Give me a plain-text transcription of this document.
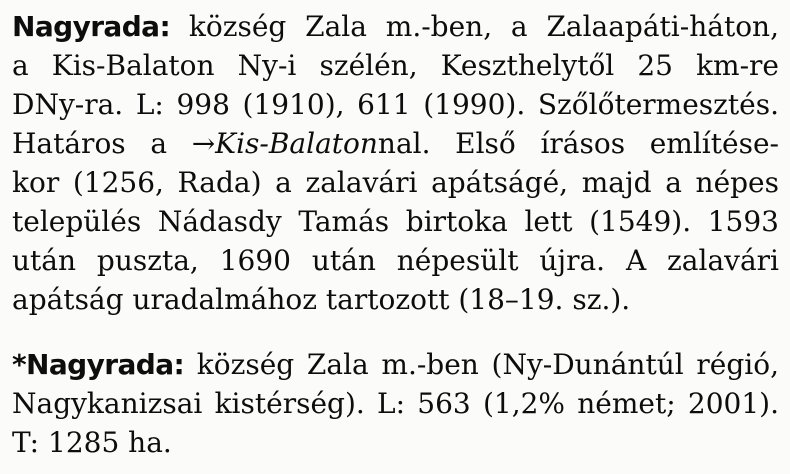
Nagyrada: község Zala m.-ben, a Zalaapáti-háton,
a Kis-Balaton Ny-i szélén, Keszthelytől 25 km-re
DNy-ra. L: 998 (1910), 611 (1990). Szőlőtermesztés.
Határos a →Kis-Balatonnal. Első írásos említése-
kor (1256, Rada) a zalavári apátságé, majd a népes
település Nádasdy Tamás birtoka lett (1549). 1593
után puszta, 1690 után népesült újra. A zalavári
apátság uradalmához tartozott (18–19. sz.).
*Nagyrada: község Zala m.-ben (Ny-Dunántúl régió,
Nagykanizsai kistérség). L: 563 (1,2% német; 2001).
T: 1285 ha.
